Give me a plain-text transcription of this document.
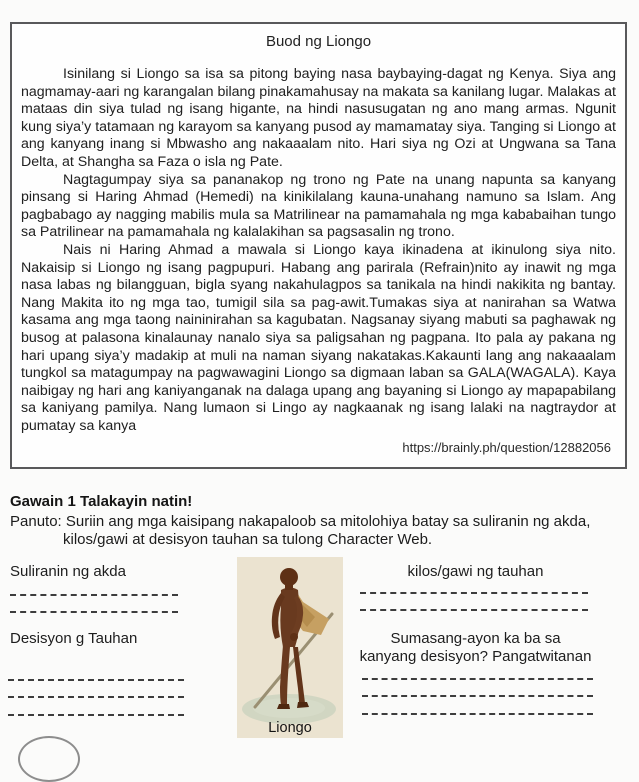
Buod ng Liongo
Isinilang si Liongo sa isa sa pitong baying nasa baybaying-dagat ng Kenya. Siya ang nagmamay-aari ng karangalan bilang pinakamahusay na makata sa kanilang lugar. Malakas at mataas din siya tulad ng isang higante, na hindi nasusugatan ng ano mang armas. Ngunit kung siya’y tatamaan ng karayom sa kanyang pusod ay mamamatay siya. Tanging si Liongo at ang kanyang inang si Mbwasho ang nakaaalam nito. Hari siya ng Ozi at Ungwana sa Tana Delta, at Shangha sa Faza o isla ng Pate.
Nagtagumpay siya sa pananakop ng trono ng Pate na unang napunta sa kanyang pinsang si Haring Ahmad (Hemedi) na kinikilalang kauna-unahang namuno sa Islam. Ang pagbabago ay nagging mabilis mula sa Matrilinear na pamamahala ng mga kababaihan tungo sa Patrilinear na pamamahala ng kalalakihan sa pagsasalin ng trono.
Nais ni Haring Ahmad a mawala si Liongo kaya ikinadena at ikinulong siya nito. Nakaisip si Liongo ng isang pagpupuri. Habang ang parirala (Refrain)nito ay inawit ng mga nasa labas ng bilangguan, bigla syang nakahulagpos sa tanikala na hindi nakikita ng bantay. Nang Makita ito ng mga tao, tumigil sila sa pag-awit.Tumakas siya at nanirahan sa Watwa kasama ang mga taong naininirahan sa kagubatan. Nagsanay siyang mabuti sa paghawak ng busog at palasona kinalaunay nanalo siya sa paligsahan ng pagpana. Ito pala ay pakana ng hari upang siya’y madakip at muli na naman siyang nakatakas.Kakaunti lang ang nakaaalam tungkol sa matagumpay na pagwawagini Liongo sa digmaan laban sa GALA(WAGALA). Kaya naibigay ng hari ang kaniyanganak na dalaga upang ang bayaning si Liongo ay mapapabilang sa kaniyang pamilya. Nang lumaon si Lingo ay nagkaanak ng isang lalaki na nagtraydor at pumatay sa kanya
https://brainly.ph/question/12882056
Gawain 1 Talakayin natin!
Panuto: Suriin ang mga kaisipang nakapaloob sa mitolohiya batay sa suliranin ng akda,
kilos/gawi at desisyon tauhan sa tulong Character Web.
Suliranin ng akda
Desisyon g Tauhan
kilos/gawi ng tauhan
Sumasang-ayon ka ba sa
kanyang desisyon? Pangatwitanan
Liongo
